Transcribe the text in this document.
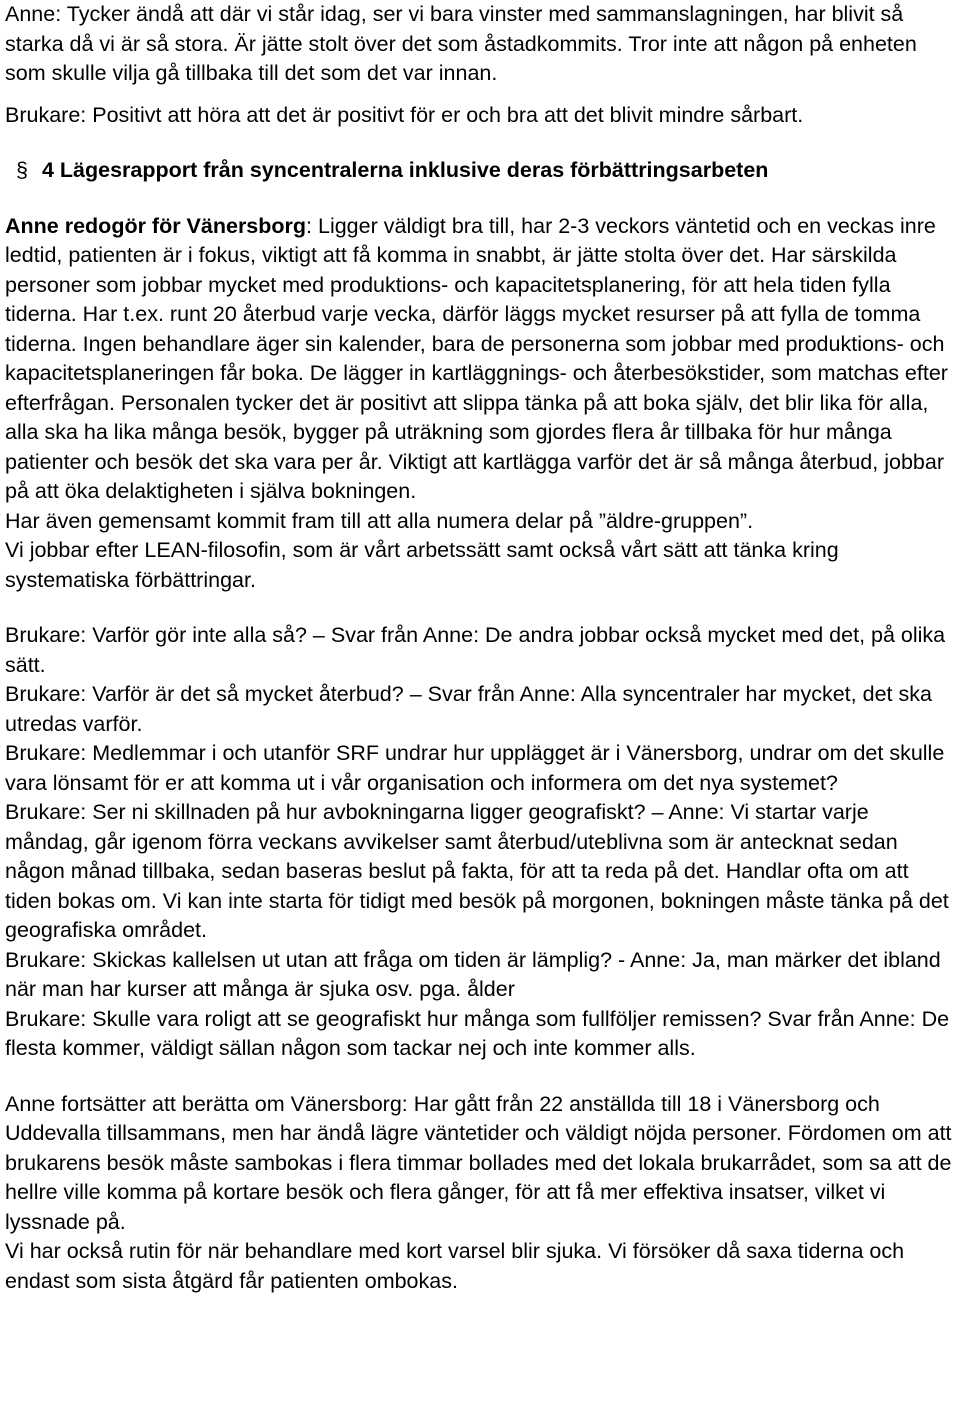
Anne: Tycker ändå att där vi står idag, ser vi bara vinster med sammanslagningen, har blivit så starka då vi är så stora. Är jätte stolt över det som åstadkommits. Tror inte att någon på enheten som skulle vilja gå tillbaka till det som det var innan.

Brukare: Positivt att höra att det är positivt för er och bra att det blivit mindre sårbart.

§ 4 Lägesrapport från syncentralerna inklusive deras förbättringsarbeten

Anne redogör för Vänersborg: Ligger väldigt bra till, har 2-3 veckors väntetid och en veckas inre ledtid, patienten är i fokus, viktigt att få komma in snabbt, är jätte stolta över det. Har särskilda personer som jobbar mycket med produktions- och kapacitetsplanering, för att hela tiden fylla tiderna. Har t.ex. runt 20 återbud varje vecka, därför läggs mycket resurser på att fylla de tomma tiderna. Ingen behandlare äger sin kalender, bara de personerna som jobbar med produktions- och kapacitetsplaneringen får boka. De lägger in kartläggnings- och återbesökstider, som matchas efter efterfrågan. Personalen tycker det är positivt att slippa tänka på att boka själv, det blir lika för alla, alla ska ha lika många besök, bygger på uträkning som gjordes flera år tillbaka för hur många patienter och besök det ska vara per år. Viktigt att kartlägga varför det är så många återbud, jobbar på att öka delaktigheten i själva bokningen.

Har även gemensamt kommit fram till att alla numera delar på ”äldre-gruppen”.

Vi jobbar efter LEAN-filosofin, som är vårt arbetssätt samt också vårt sätt att tänka kring systematiska förbättringar.

Brukare: Varför gör inte alla så? – Svar från Anne: De andra jobbar också mycket med det, på olika sätt.

Brukare: Varför är det så mycket återbud? – Svar från Anne: Alla syncentraler har mycket, det ska utredas varför.

Brukare: Medlemmar i och utanför SRF undrar hur upplägget är i Vänersborg, undrar om det skulle vara lönsamt för er att komma ut i vår organisation och informera om det nya systemet?

Brukare: Ser ni skillnaden på hur avbokningarna ligger geografiskt? – Anne: Vi startar varje måndag, går igenom förra veckans avvikelser samt återbud/uteblivna som är antecknat sedan någon månad tillbaka, sedan baseras beslut på fakta, för att ta reda på det. Handlar ofta om att tiden bokas om. Vi kan inte starta för tidigt med besök på morgonen, bokningen måste tänka på det geografiska området.

Brukare: Skickas kallelsen ut utan att fråga om tiden är lämplig? - Anne: Ja, man märker det ibland när man har kurser att många är sjuka osv. pga. ålder

Brukare: Skulle vara roligt att se geografiskt hur många som fullföljer remissen? Svar från Anne: De flesta kommer, väldigt sällan någon som tackar nej och inte kommer alls.

Anne fortsätter att berätta om Vänersborg: Har gått från 22 anställda till 18 i Vänersborg och Uddevalla tillsammans, men har ändå lägre väntetider och väldigt nöjda personer. Fördomen om att brukarens besök måste sambokas i flera timmar bollades med det lokala brukarrådet, som sa att de hellre ville komma på kortare besök och flera gånger, för att få mer effektiva insatser, vilket vi lyssnade på.

Vi har också rutin för när behandlare med kort varsel blir sjuka. Vi försöker då saxa tiderna och endast som sista åtgärd får patienten ombokas.
